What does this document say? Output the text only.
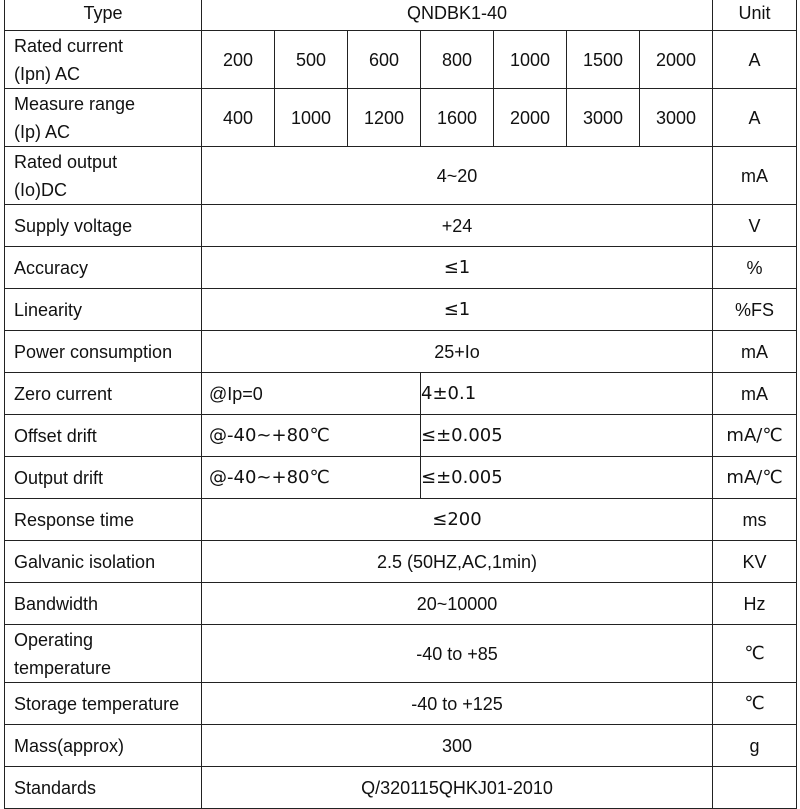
Type	QNDBK1-40							Unit

Rated current
(Ipn) AC	200	500	600	800	1000	1500	2000	A

Measure range
(Ip) AC	400	1000	1200	1600	2000	3000	3000	A

Rated output
(Io)DC	4~20							mA
Supply voltage	+24							V
Accuracy	≤1							%
Linearity	≤1							%FS
Power consumption	25+Io							mA
Zero current	@Ip=0			4±0.1				mA
Offset drift	@-40~+80℃			≤±0.005				mA/℃
Output drift	@-40~+80℃			≤±0.005				mA/℃
Response time	≤200							ms
Galvanic isolation	2.5 (50HZ,AC,1min)							KV
Bandwidth	20~10000							Hz

Operating
temperature	-40 to +85							℃
Storage temperature	-40 to +125							℃
Mass(approx)	300							g
Standards	Q/320115QHKJ01-2010							
